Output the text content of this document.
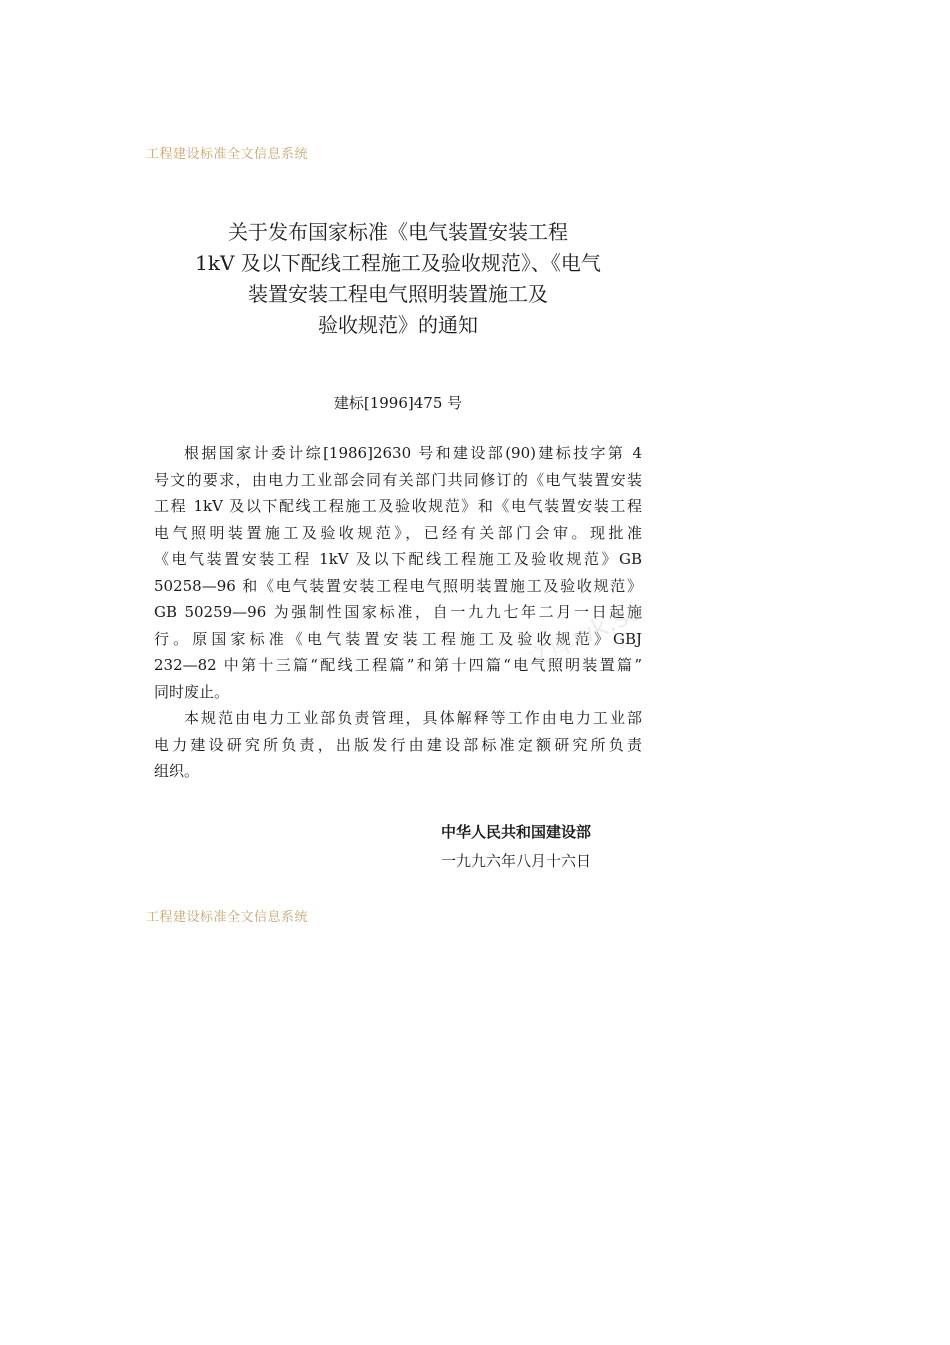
工程建设标准全文信息系统
关于发布国家标准《电气装置安装工程
1kV 及以下配线工程施工及验收规范》、《电气
装置安装工程电气照明装置施工及
验收规范》的通知
建标[1996]475 号
根据国家计委计综[1986]2630 号和建设部(90)建标技字第 4
号文的要求，由电力工业部会同有关部门共同修订的《电气装置安装
工程 1kV 及以下配线工程施工及验收规范》和《电气装置安装工程
电气照明装置施工及验收规范》，已经有关部门会审。现批准
《电气装置安装工程 1kV 及以下配线工程施工及验收规范》GB
50258—96 和《电气装置安装工程电气照明装置施工及验收规范》
GB 50259—96 为强制性国家标准，自一九九七年二月一日起施
行。原国家标准《电气装置安装工程施工及验收规范》GBJ
232—82 中第十三篇“配线工程篇”和第十四篇“电气照明装置篇”
同时废止。
本规范由电力工业部负责管理，具体解释等工作由电力工业部
电力建设研究所负责，出版发行由建设部标准定额研究所负责
组织。
中华人民共和国建设部
一九九六年八月十六日
工程建设标准全文信息系统
文库wk.so
